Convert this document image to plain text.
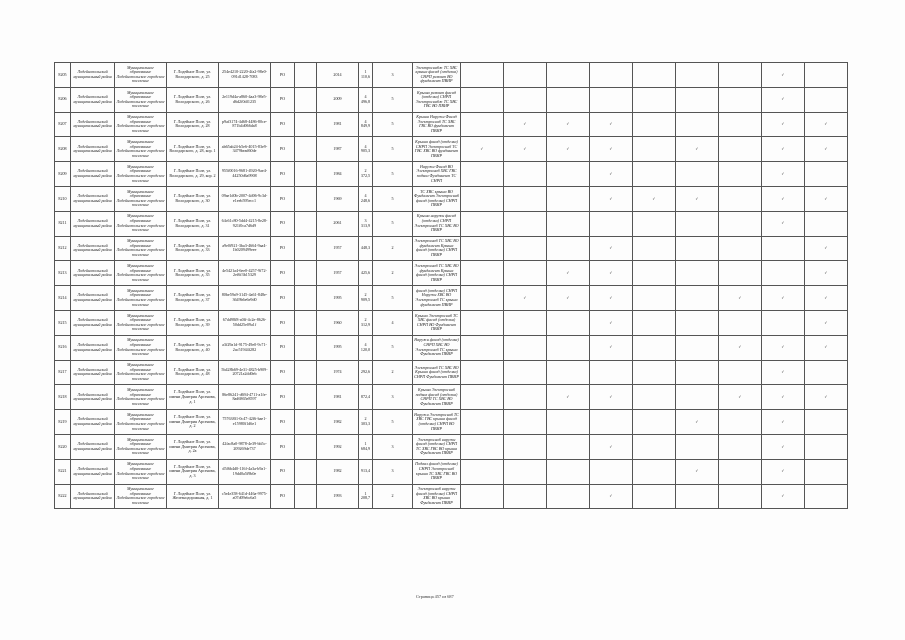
8205	Лодейнопольский муниципальный район	Муниципальное образование Лодейнопольское городское поселение	Г. Лодейное Поле, ул. Володарского, д. 25	254e4210-2220-4fa2-98e0-091d1428-7083	РО		2014	1 110,6	3	Электроснабж ТС ХВС крыша фасад (отделка) СНРП ремонт ВО фундамент ПВИР								✓		
8206	Лодейнопольский муниципальный район	Муниципальное образование Лодейнопольское городское поселение	Г. Лодейное Поле, ул. Володарского, д. 26	2e119d4a-a860-4aa3-98e5-d6d2f0df1235	РО		2009	4 496,8	5	Крыша ремонт фасад (отделка) СНРП Электроснабж ТС ХВС ГВС ВО ПВИР								✓		
8207	Лодейнопольский муниципальный район	Муниципальное образование Лодейнопольское городское поселение	Г. Лодейное Поле, ул. Володарского, д. 28	p9af3174-4d68-4486-80ce-871b4d066da8	РО		1981	4 849,9	5	Крыша Наружн Фасад Электроснаб ТС ХВС ГВС ВО фундамент ПВИР		✓	✓	✓				✓	✓	
8208	Лодейнопольский муниципальный район	Муниципальное образование Лодейнопольское городское поселение	Г. Лодейное Поле, ул. Володарского, д. 28, кор. 1	ab65ab24-b5e6-4015-83e9-3479bead60de	РО		1987	4 905,3	5	Крыша фасад (отделка) СНРП Электроснаб ТС ГВС ХВС ВО фундамент ПВИР	✓	✓	✓	✓		✓		✓	✓	
8209	Лодейнопольский муниципальный район	Муниципальное образование Лодейнопольское городское поселение	Г. Лодейное Поле, ул. Володарского, д. 29, кор. 2	955f0016-9681-4920-9ae4-44250d6a9908	РО		1984	2 372,5	5	Наружн Фасад ВО Электроснаб ХВС ГВС подвал Фундамент ТС СНРП				✓				✓		
8210	Лодейнопольский муниципальный район	Муниципальное образование Лодейнопольское городское поселение	Г. Лодейное Поле, ул. Володарского, д. 30	09ae1d0b-2007-4d06-9c3d-e1eeb595ecc1	РО		1969	4 248,6	5	ТС ХВС крыша ВО Фундамент Электроснаб фасад (отделка) СНРП ПВИР				✓	✓	✓		✓	✓	
8211	Лодейнопольский муниципальный район	Муниципальное образование Лодейнопольское городское поселение	Г. Лодейное Поле, ул. Володарского, д. 31	64c61c80-5dd4-4215-8e28-921f0ca7d6d9	РО		2061	3 313,9	5	Крыша наружн фасад (отделка) СНРП Электроснаб ТС ХВС ВО ПВИР								✓		
8212	Лодейнопольский муниципальный район	Муниципальное образование Лодейнопольское городское поселение	Г. Лодейное Поле, ул. Володарского, д. 33	a9e0f921-3ba3-4664-9aa4-1b0209499eee	РО		1957	448,3	2	Электроснаб ТС ХВС ВО фундамент Крыша фасад (отделка) СНРП ПВИР				✓					✓	
8213	Лодейнопольский муниципальный район	Муниципальное образование Лодейнопольское городское поселение	Г. Лодейное Поле, ул. Володарского, д. 35	4e5421a4-6ee0-4257-9f72-2ef6f3b15329	РО		1957	425,6	2	Электроснаб ТС ХВС ВО фундамент Крыша фасад (отделка) СНРП ПВИР			✓	✓					✓	
8214	Лодейнопольский муниципальный район	Муниципальное образование Лодейнопольское городское поселение	Г. Лодейное Поле, ул. Володарского, д. 37	80be59a9-3145-4a61-848e-3649b6e6e9d0	РО		1995	2 909,5	5	фасад (отделка) СНРП Наружн ХВС ВО Электроснаб ТС крыша фундамент ПВИР		✓	✓	✓			✓	✓	✓	
8215	Лодейнопольский муниципальный район	Муниципальное образование Лодейнопольское городское поселение	Г. Лодейное Поле, ул. Володарского, д. 39	67dd98f8-a0ff-4c2e-8626-50dd25e09a1f	РО		1960	2 312,9	4	Крыша Электроснаб ТС ХВС фасад (отделка) СНРП ВО Фундамент ПВИР				✓					✓	
8216	Лодейнопольский муниципальный район	Муниципальное образование Лодейнопольское городское поселение	Г. Лодейное Поле, ул. Володарского, д. 40	a3f29a1d-9175-49e0-9c71-2ac51944f282	РО		1995	4 120,0	5	Наружн фасад (отделка) СНРП ХВС ВО Электроснаб ТС крыша Фундамент ПВИР				✓			✓	✓	✓	
8217	Лодейнопольский муниципальный район	Муниципальное образование Лодейнопольское городское поселение	Г. Лодейное Поле, ул. Володарского, д. 48	5b428b69-4e31-4825-b909-20721a2dd0eb	РО		1974	292,6	2	Электроснаб ТС ХВС ВО Крыша фасад (отделка) СНРП Фундамент ПВИР								✓		
8218	Лодейнопольский муниципальный район	Муниципальное образование Лодейнопольское городское поселение	Г. Лодейное Поле, ул. имени Дмитрия Арсенова, д. 1	86e86241-d694-4711-a1fe-8ad6865e8597	РО		1981	872,4	3	Крыша Электроснаб подвал фасад (отделка) СНРП ТС ХВС ВО Фундамент ПВИР			✓	✓			✓	✓	✓	
8219	Лодейнопольский муниципальный район	Муниципальное образование Лодейнопольское городское поселение	Г. Лодейное Поле, ул. имени Дмитрия Арсенова, д. 2	757638f1-0c47-42f6-bae1-e15980f1d6e1	РО		1982	2 303,3	5	Наружн Электроснаб ТС ХВС ГВС крыша фасад (отделка) СНРП ВО ПВИР						✓		✓		
8220	Лодейнопольский муниципальный район	Муниципальное образование Лодейнопольское городское поселение	Г. Лодейное Поле, ул. имени Дмитрия Арсенова, д. 2а	42fac8a0-9878-4e39-bb5c-209269de737	РО		1992	1 684,9	3	Электроснаб наружн фасад (отделка) СНРП ТС ХВС ГВС ВО крыша Фундамент ПВИР				✓				✓		
8221	Лодейнопольский муниципальный район	Муниципальное образование Лодейнопольское городское поселение	Г. Лодейное Поле, ул. имени Дмитрия Арсенова, д. 3	d5f6b4d0-116f-4a3a-b9a1-19dd0a5f9b0e	РО		1982	913,4	3	Подвал фасад (отделка) СНРП Электроснаб крыша ТС ХВС ГВС ВО ПВИР						✓		✓		
8222	Лодейнопольский муниципальный район	Муниципальное образование Лодейнопольское городское поселение	Г. Лодейное Поле, ул. Железнодорожная, д. 1	c5e4e358-641d-446a-9975-a07d09ebc6a5	РО		1993	1 208,7	2	Электроснаб наружн фасад (отделка) СНРП ХВС ВО крыша Фундамент ПВИР				✓				✓		
Страница 457 из 687
